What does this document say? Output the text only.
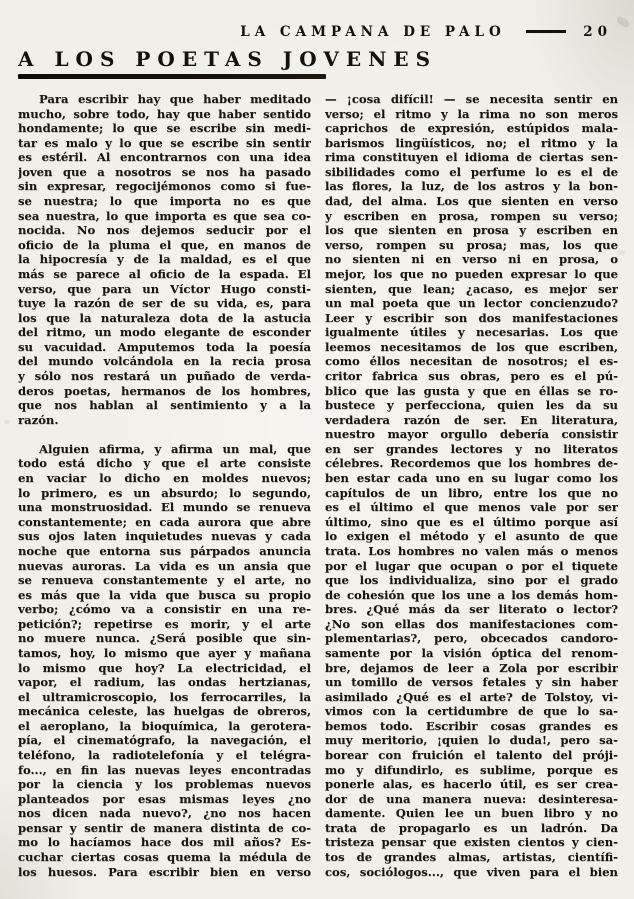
LA CAMPANA DE PALO	20
A LOS POETAS JOVENES
Para escribir hay que haber meditado
mucho, sobre todo, hay que haber sentido
hondamente; lo que se escribe sin medi-
tar es malo y lo que se escribe sin sentir
es estéril. Al encontrarnos con una idea
joven que a nosotros se nos ha pasado
sin expresar, regocijémonos como si fue-
se nuestra; lo que importa no es que
sea nuestra, lo que importa es que sea co-
nocida. No nos dejemos seducir por el
oficio de la pluma el que, en manos de
la hipocresía y de la maldad, es el que
más se parece al oficio de la espada. El
verso, que para un Víctor Hugo consti-
tuye la razón de ser de su vida, es, para
los que la naturaleza dota de la astucia
del ritmo, un modo elegante de esconder
su vacuidad. Amputemos toda la poesía
del mundo volcándola en la recia prosa
y sólo nos restará un puñado de verda-
deros poetas, hermanos de los hombres,
que nos hablan al sentimiento y a la
razón.
Alguien afirma, y afirma un mal, que
todo está dicho y que el arte consiste
en vaciar lo dicho en moldes nuevos;
lo primero, es un absurdo; lo segundo,
una monstruosidad. El mundo se renueva
constantemente; en cada aurora que abre
sus ojos laten inquietudes nuevas y cada
noche que entorna sus párpados anuncia
nuevas auroras. La vida es un ansia que
se renueva constantemente y el arte, no
es más que la vida que busca su propio
verbo; ¿cómo va a consistir en una re-
petición?; repetirse es morir, y el arte
no muere nunca. ¿Será posible que sin-
tamos, hoy, lo mismo que ayer y mañana
lo mismo que hoy? La electricidad, el
vapor, el radium, las ondas hertzianas,
el ultramicroscopio, los ferrocarriles, la
mecánica celeste, las huelgas de obreros,
el aeroplano, la bioquímica, la gerotera-
pía, el cinematógrafo, la navegación, el
teléfono, la radiotelefonía y el telégra-
fo..., en fin las nuevas leyes encontradas
por la ciencia y los problemas nuevos
planteados por esas mismas leyes ¿no
nos dicen nada nuevo?, ¿no nos hacen
pensar y sentir de manera distinta de co-
mo lo hacíamos hace dos mil años? Es-
cuchar ciertas cosas quema la médula de
los huesos. Para escribir bien en verso
— ¡cosa difícil! — se necesita sentir en
verso; el ritmo y la rima no son meros
caprichos de expresión, estúpidos mala-
barismos lingüísticos, no; el ritmo y la
rima constituyen el idioma de ciertas sen-
sibilidades como el perfume lo es el de
las flores, la luz, de los astros y la bon-
dad, del alma. Los que sienten en verso
y escriben en prosa, rompen su verso;
los que sienten en prosa y escriben en
verso, rompen su prosa; mas, los que
no sienten ni en verso ni en prosa, o
mejor, los que no pueden expresar lo que
sienten, que lean; ¿acaso, es mejor ser
un mal poeta que un lector concienzudo?
Leer y escribir son dos manifestaciones
igualmente útiles y necesarias. Los que
leemos necesitamos de los que escriben,
como éllos necesitan de nosotros; el es-
critor fabrica sus obras, pero es el pú-
blico que las gusta y que en éllas se ro-
bustece y perfecciona, quien les da su
verdadera razón de ser. En literatura,
nuestro mayor orgullo debería consistir
en ser grandes lectores y no literatos
célebres. Recordemos que los hombres de-
ben estar cada uno en su lugar como los
capítulos de un libro, entre los que no
es el último el que menos vale por ser
último, sino que es el último porque así
lo exigen el método y el asunto de que
trata. Los hombres no valen más o menos
por el lugar que ocupan o por el tiquete
que los individualiza, sino por el grado
de cohesión que los une a los demás hom-
bres. ¿Qué más da ser literato o lector?
¿No son ellas dos manifestaciones com-
plementarias?, pero, obcecados candoro-
samente por la visión óptica del renom-
bre, dejamos de leer a Zola por escribir
un tomillo de versos fetales y sin haber
asimilado ¿Qué es el arte? de Tolstoy, vi-
vimos con la certidumbre de que lo sa-
bemos todo. Escribir cosas grandes es
muy meritorio, ¡quien lo duda!, pero sa-
borear con fruición el talento del próji-
mo y difundirlo, es sublime, porque es
ponerle alas, es hacerlo útil, es ser crea-
dor de una manera nueva: desinteresa-
damente. Quien lee un buen libro y no
trata de propagarlo es un ladrón. Da
tristeza pensar que existen cientos y cien-
tos de grandes almas, artistas, científi-
cos, sociólogos..., que viven para el bien
